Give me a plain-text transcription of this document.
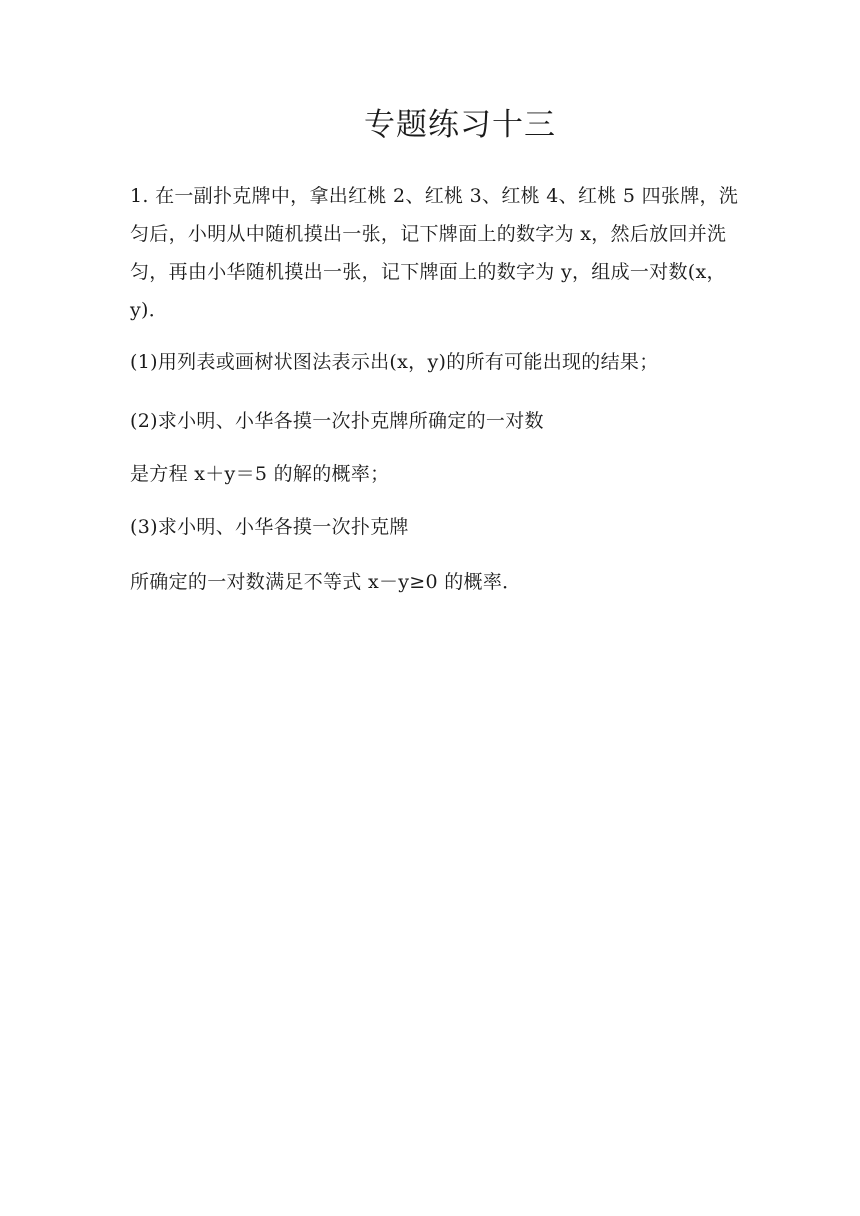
专题练习十三
1. 在一副扑克牌中，拿出红桃 2、红桃 3、红桃 4、红桃 5 四张牌，洗匀后，小明从中随机摸出一张，记下牌面上的数字为 x，然后放回并洗匀，再由小华随机摸出一张，记下牌面上的数字为 y，组成一对数(x，y)．
(1)用列表或画树状图法表示出(x，y)的所有可能出现的结果；
(2)求小明、小华各摸一次扑克牌所确定的一对数
是方程 x＋y＝5 的解的概率；
(3)求小明、小华各摸一次扑克牌
所确定的一对数满足不等式 x－y≥0 的概率．
